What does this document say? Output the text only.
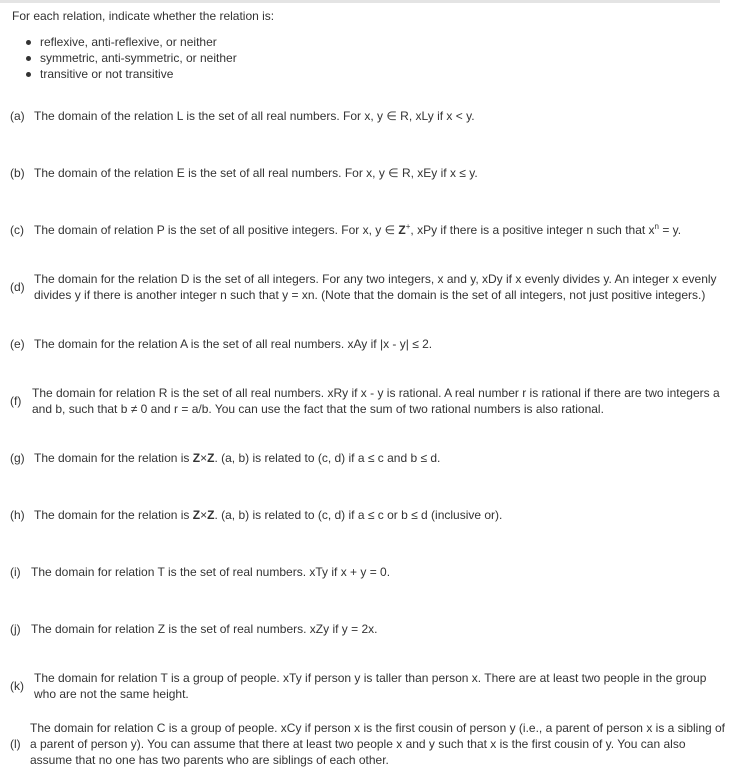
For each relation, indicate whether the relation is:
reflexive, anti-reflexive, or neither
symmetric, anti-symmetric, or neither
transitive or not transitive
(a) The domain of the relation L is the set of all real numbers. For x, y ∈ R, xLy if x < y.
(b) The domain of the relation E is the set of all real numbers. For x, y ∈ R, xEy if x ≤ y.
(c) The domain of relation P is the set of all positive integers. For x, y ∈ Z+, xPy if there is a positive integer n such that $x^n = y$.
(d)
The domain for the relation D is the set of all integers. For any two integers, x and y, xDy if x evenly divides y. An integer x evenly divides y if there is another integer n such that y = xn. (Note that the domain is the set of all integers, not just positive integers.)
(e) The domain for the relation A is the set of all real numbers. xAy if |x - y| ≤ 2.
(f)
The domain for relation R is the set of all real numbers. xRy if x - y is rational. A real number r is rational if there are two integers a and b, such that b ≠ 0 and r = a/b. You can use the fact that the sum of two rational numbers is also rational.
(g) The domain for the relation is Z×Z. (a, b) is related to (c, d) if a ≤ c and b ≤ d.
(h) The domain for the relation is Z×Z. (a, b) is related to (c, d) if a ≤ c or b ≤ d (inclusive or).
(i) The domain for relation T is the set of real numbers. xTy if x + y = 0.
(j) The domain for relation Z is the set of real numbers. xZy if y = 2x.
(k)
The domain for relation T is a group of people. xTy if person y is taller than person x. There are at least two people in the group who are not the same height.
(l)
The domain for relation C is a group of people. xCy if person x is the first cousin of person y (i.e., a parent of person x is a sibling of a parent of person y). You can assume that there at least two people x and y such that x is the first cousin of y. You can also assume that no one has two parents who are siblings of each other.
